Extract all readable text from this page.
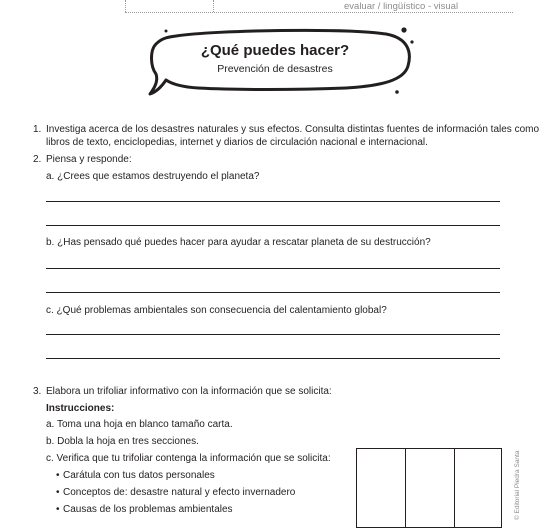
evaluar / lingüístico - visual
¿Qué puedes hacer?
Prevención de desastres
1. Investiga acerca de los desastres naturales y sus efectos. Consulta distintas fuentes de información tales como
libros de texto, enciclopedias, internet y diarios de circulación nacional e internacional.
2. Piensa y responde:
a. ¿Crees que estamos destruyendo el planeta?
b. ¿Has pensado qué puedes hacer para ayudar a rescatar planeta de su destrucción?
c. ¿Qué problemas ambientales son consecuencia del calentamiento global?
3. Elabora un trifoliar informativo con la información que se solicita:
Instrucciones:
a. Toma una hoja en blanco tamaño carta.
b. Dobla la hoja en tres secciones.
c. Verifica que tu trifoliar contenga la información que se solicita:
• Carátula con tus datos personales
• Conceptos de: desastre natural y efecto invernadero
• Causas de los problemas ambientales	© Editorial Piedra Santa
